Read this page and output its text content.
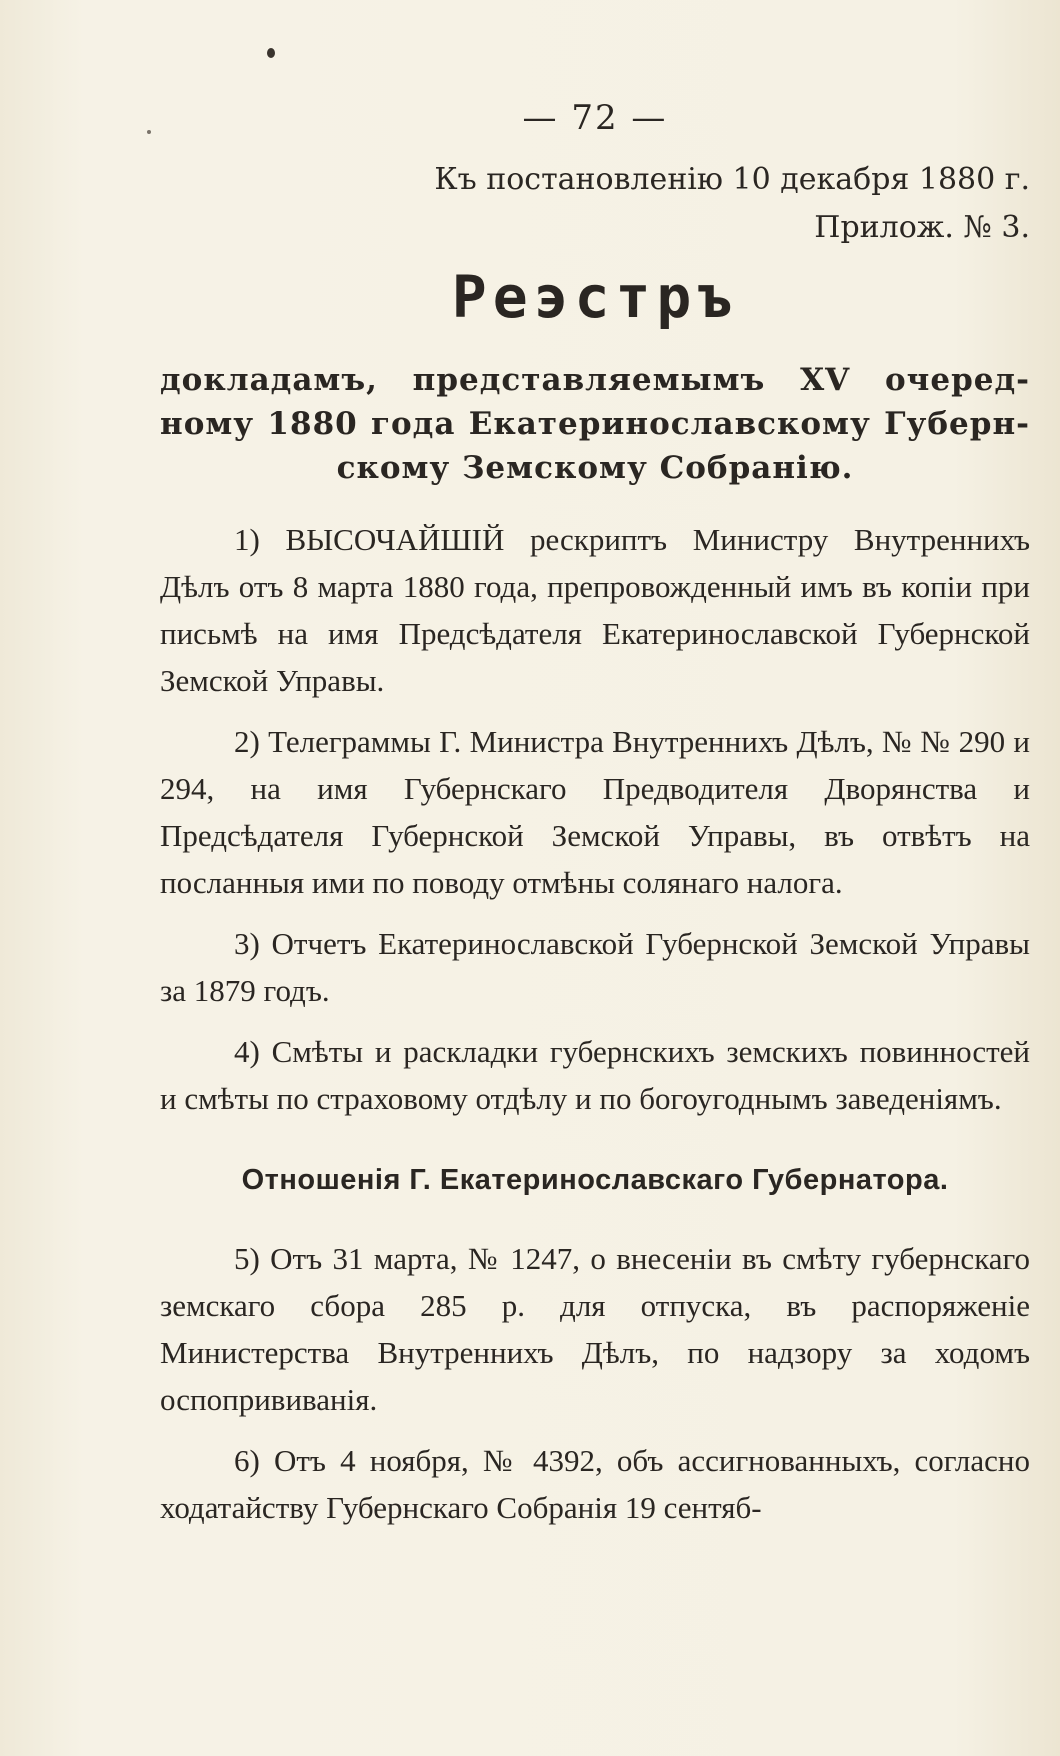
— 72 —
Къ постановленію 10 декабря 1880 г.
Прилож. № 3.
Реэстръ
докладамъ, представляемымъ XV очеред-
ному 1880 года Екатеринославскому Губерн-
скому Земскому Собранію.

1) ВЫСОЧАЙШІЙ рескриптъ Министру Внутреннихъ Дѣлъ отъ 8 марта 1880 года, препровожденный имъ въ копіи при письмѣ на имя Предсѣдателя Екатеринославской Губернской Земской Управы.

2) Телеграммы Г. Министра Внутреннихъ Дѣлъ, № № 290 и 294, на имя Губернскаго Предводителя Дворянства и Предсѣдателя Губернской Земской Управы, въ отвѣтъ на посланныя ими по поводу отмѣны солянаго налога.

3) Отчетъ Екатеринославской Губернской Земской Управы за 1879 годъ.

4) Смѣты и раскладки губернскихъ земскихъ повинностей и смѣты по страховому отдѣлу и по богоугоднымъ заведеніямъ.

Отношенія Г. Екатеринославскаго Губернатора.

5) Отъ 31 марта, № 1247, о внесеніи въ смѣту губернскаго земскаго сбора 285 р. для отпуска, въ распоряженіе Министерства Внутреннихъ Дѣлъ, по надзору за ходомъ оспопрививанія.

6) Отъ 4 ноября, № 4392, объ ассигнованныхъ, согласно ходатайству Губернскаго Собранія 19 сентяб-
